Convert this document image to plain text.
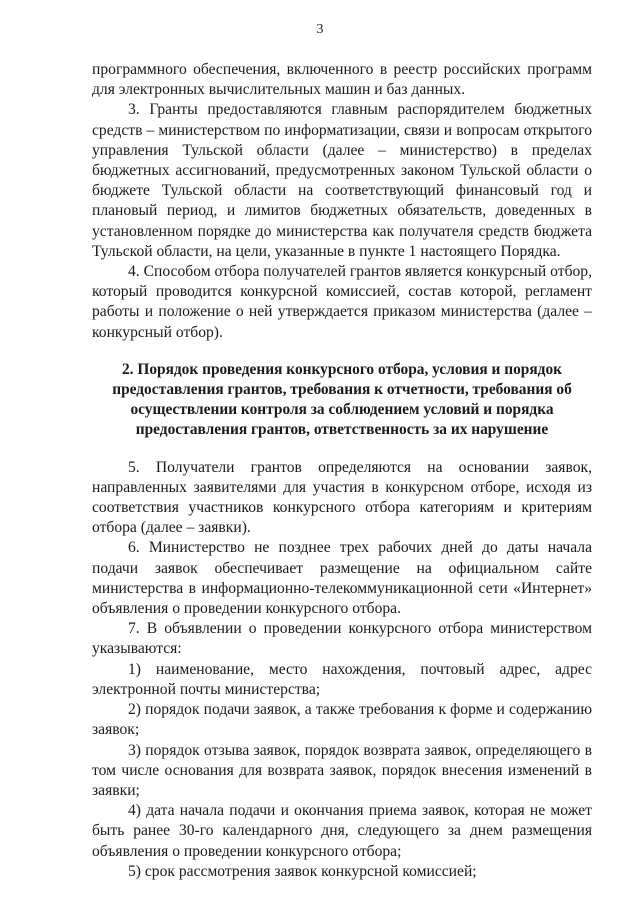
3

программного обеспечения, включенного в реестр российских программ для электронных вычислительных машин и баз данных.

3. Гранты предоставляются главным распорядителем бюджетных средств – министерством по информатизации, связи и вопросам открытого управления Тульской области (далее – министерство) в пределах бюджетных ассигнований, предусмотренных законом Тульской области о бюджете Тульской области на соответствующий финансовый год и плановый период, и лимитов бюджетных обязательств, доведенных в установленном порядке до министерства как получателя средств бюджета Тульской области, на цели, указанные в пункте 1 настоящего Порядка.

4. Способом отбора получателей грантов является конкурсный отбор, который проводится конкурсной комиссией, состав которой, регламент работы и положение о ней утверждается приказом министерства (далее – конкурсный отбор).

2. Порядок проведения конкурсного отбора, условия и порядок предоставления грантов, требования к отчетности, требования об осуществлении контроля за соблюдением условий и порядка предоставления грантов, ответственность за их нарушение

5. Получатели грантов определяются на основании заявок, направленных заявителями для участия в конкурсном отборе, исходя из соответствия участников конкурсного отбора категориям и критериям отбора (далее – заявки).

6. Министерство не позднее трех рабочих дней до даты начала подачи заявок обеспечивает размещение на официальном сайте министерства в информационно-телекоммуникационной сети «Интернет» объявления о проведении конкурсного отбора.

7. В объявлении о проведении конкурсного отбора министерством указываются:

1) наименование, место нахождения, почтовый адрес, адрес электронной почты министерства;

2) порядок подачи заявок, а также требования к форме и содержанию заявок;

3) порядок отзыва заявок, порядок возврата заявок, определяющего в том числе основания для возврата заявок, порядок внесения изменений в заявки;

4) дата начала подачи и окончания приема заявок, которая не может быть ранее 30-го календарного дня, следующего за днем размещения объявления о проведении конкурсного отбора;

5) срок рассмотрения заявок конкурсной комиссией;
